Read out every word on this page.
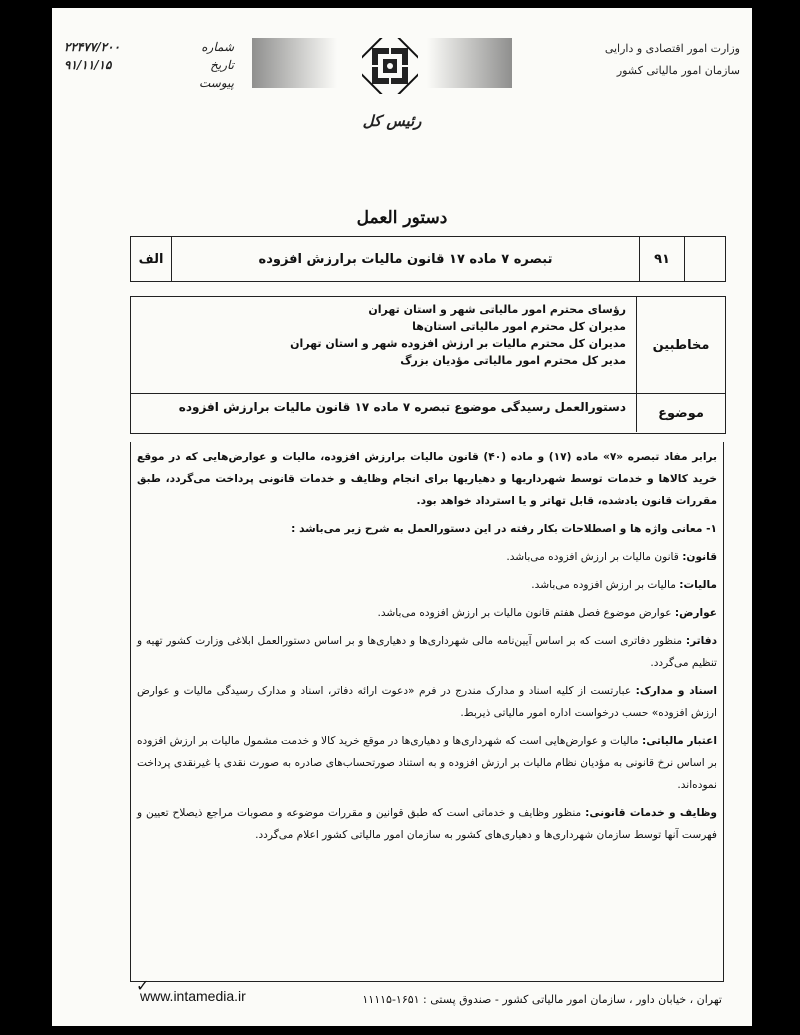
وزارت امور اقتصادی و دارایی
سازمان امور مالیاتی کشور
رئیس کل
شماره
۲۲۴۷۷/۲۰۰
تاریخ
۹۱/۱۱/۱۵
پیوست
دستور العمل
۹۱
تبصره ۷ ماده ۱۷ قانون مالیات برارزش افزوده
الف
مخاطبین
رؤسای محترم امور مالیاتی شهر و استان تهران
مدیران کل محترم امور مالیاتی استان‌ها
مدیران کل محترم مالیات بر ارزش افزوده شهر و استان تهران
مدیر کل محترم امور مالیاتی مؤدیان بزرگ
موضوع
دستورالعمل رسیدگی موضوع تبصره ۷ ماده ۱۷ قانون مالیات برارزش افزوده

برابر مفاد تبصره «۷» ماده (۱۷) و ماده (۴۰) قانون مالیات برارزش افزوده، مالیات و عوارض‌هایی که در موقع خرید کالاها و خدمات توسط شهرداریها و دهیاریها برای انجام وظایف و خدمات قانونی پرداخت می‌گردد، طبق مقررات قانون یادشده، قابل تهاتر و یا استرداد خواهد بود.

۱- معانی واژه ها و اصطلاحات بکار رفته در این دستورالعمل به شرح زیر می‌باشد :

قانون: قانون مالیات بر ارزش افزوده می‌باشد.

مالیات: مالیات بر ارزش افزوده می‌باشد.

عوارض: عوارض موضوع فصل هفتم قانون مالیات بر ارزش افزوده می‌باشد.

دفاتر: منظور دفاتری است که بر اساس آیین‌نامه مالی شهرداری‌ها و دهیاری‌ها و بر اساس دستورالعمل ابلاغی وزارت کشور تهیه و تنظیم می‌گردد.

اسناد و مدارک: عبارتست از کلیه اسناد و مدارک مندرج در فرم «دعوت ارائه دفاتر، اسناد و مدارک رسیدگی مالیات و عوارض ارزش افزوده» حسب درخواست اداره امور مالیاتی ذیربط.

اعتبار مالیاتی: مالیات و عوارض‌هایی است که شهرداری‌ها و دهیاری‌ها در موقع خرید کالا و خدمت مشمول مالیات بر ارزش افزوده بر اساس نرخ قانونی به مؤدیان نظام مالیات بر ارزش افزوده و به استناد صورتحساب‌های صادره به صورت نقدی یا غیرنقدی پرداخت نموده‌اند.

وظایف و خدمات قانونی: منظور وظایف و خدماتی است که طبق قوانین و مقررات موضوعه و مصوبات مراجع ذیصلاح تعیین و فهرست آنها توسط سازمان شهرداری‌ها و دهیاری‌های کشور به سازمان امور مالیاتی کشور اعلام می‌گردد.

✓
www.intamedia.ir	تهران ، خیابان داور ، سازمان امور مالیاتی کشور - صندوق پستی : ۱۶۵۱-۱۱۱۱۵
